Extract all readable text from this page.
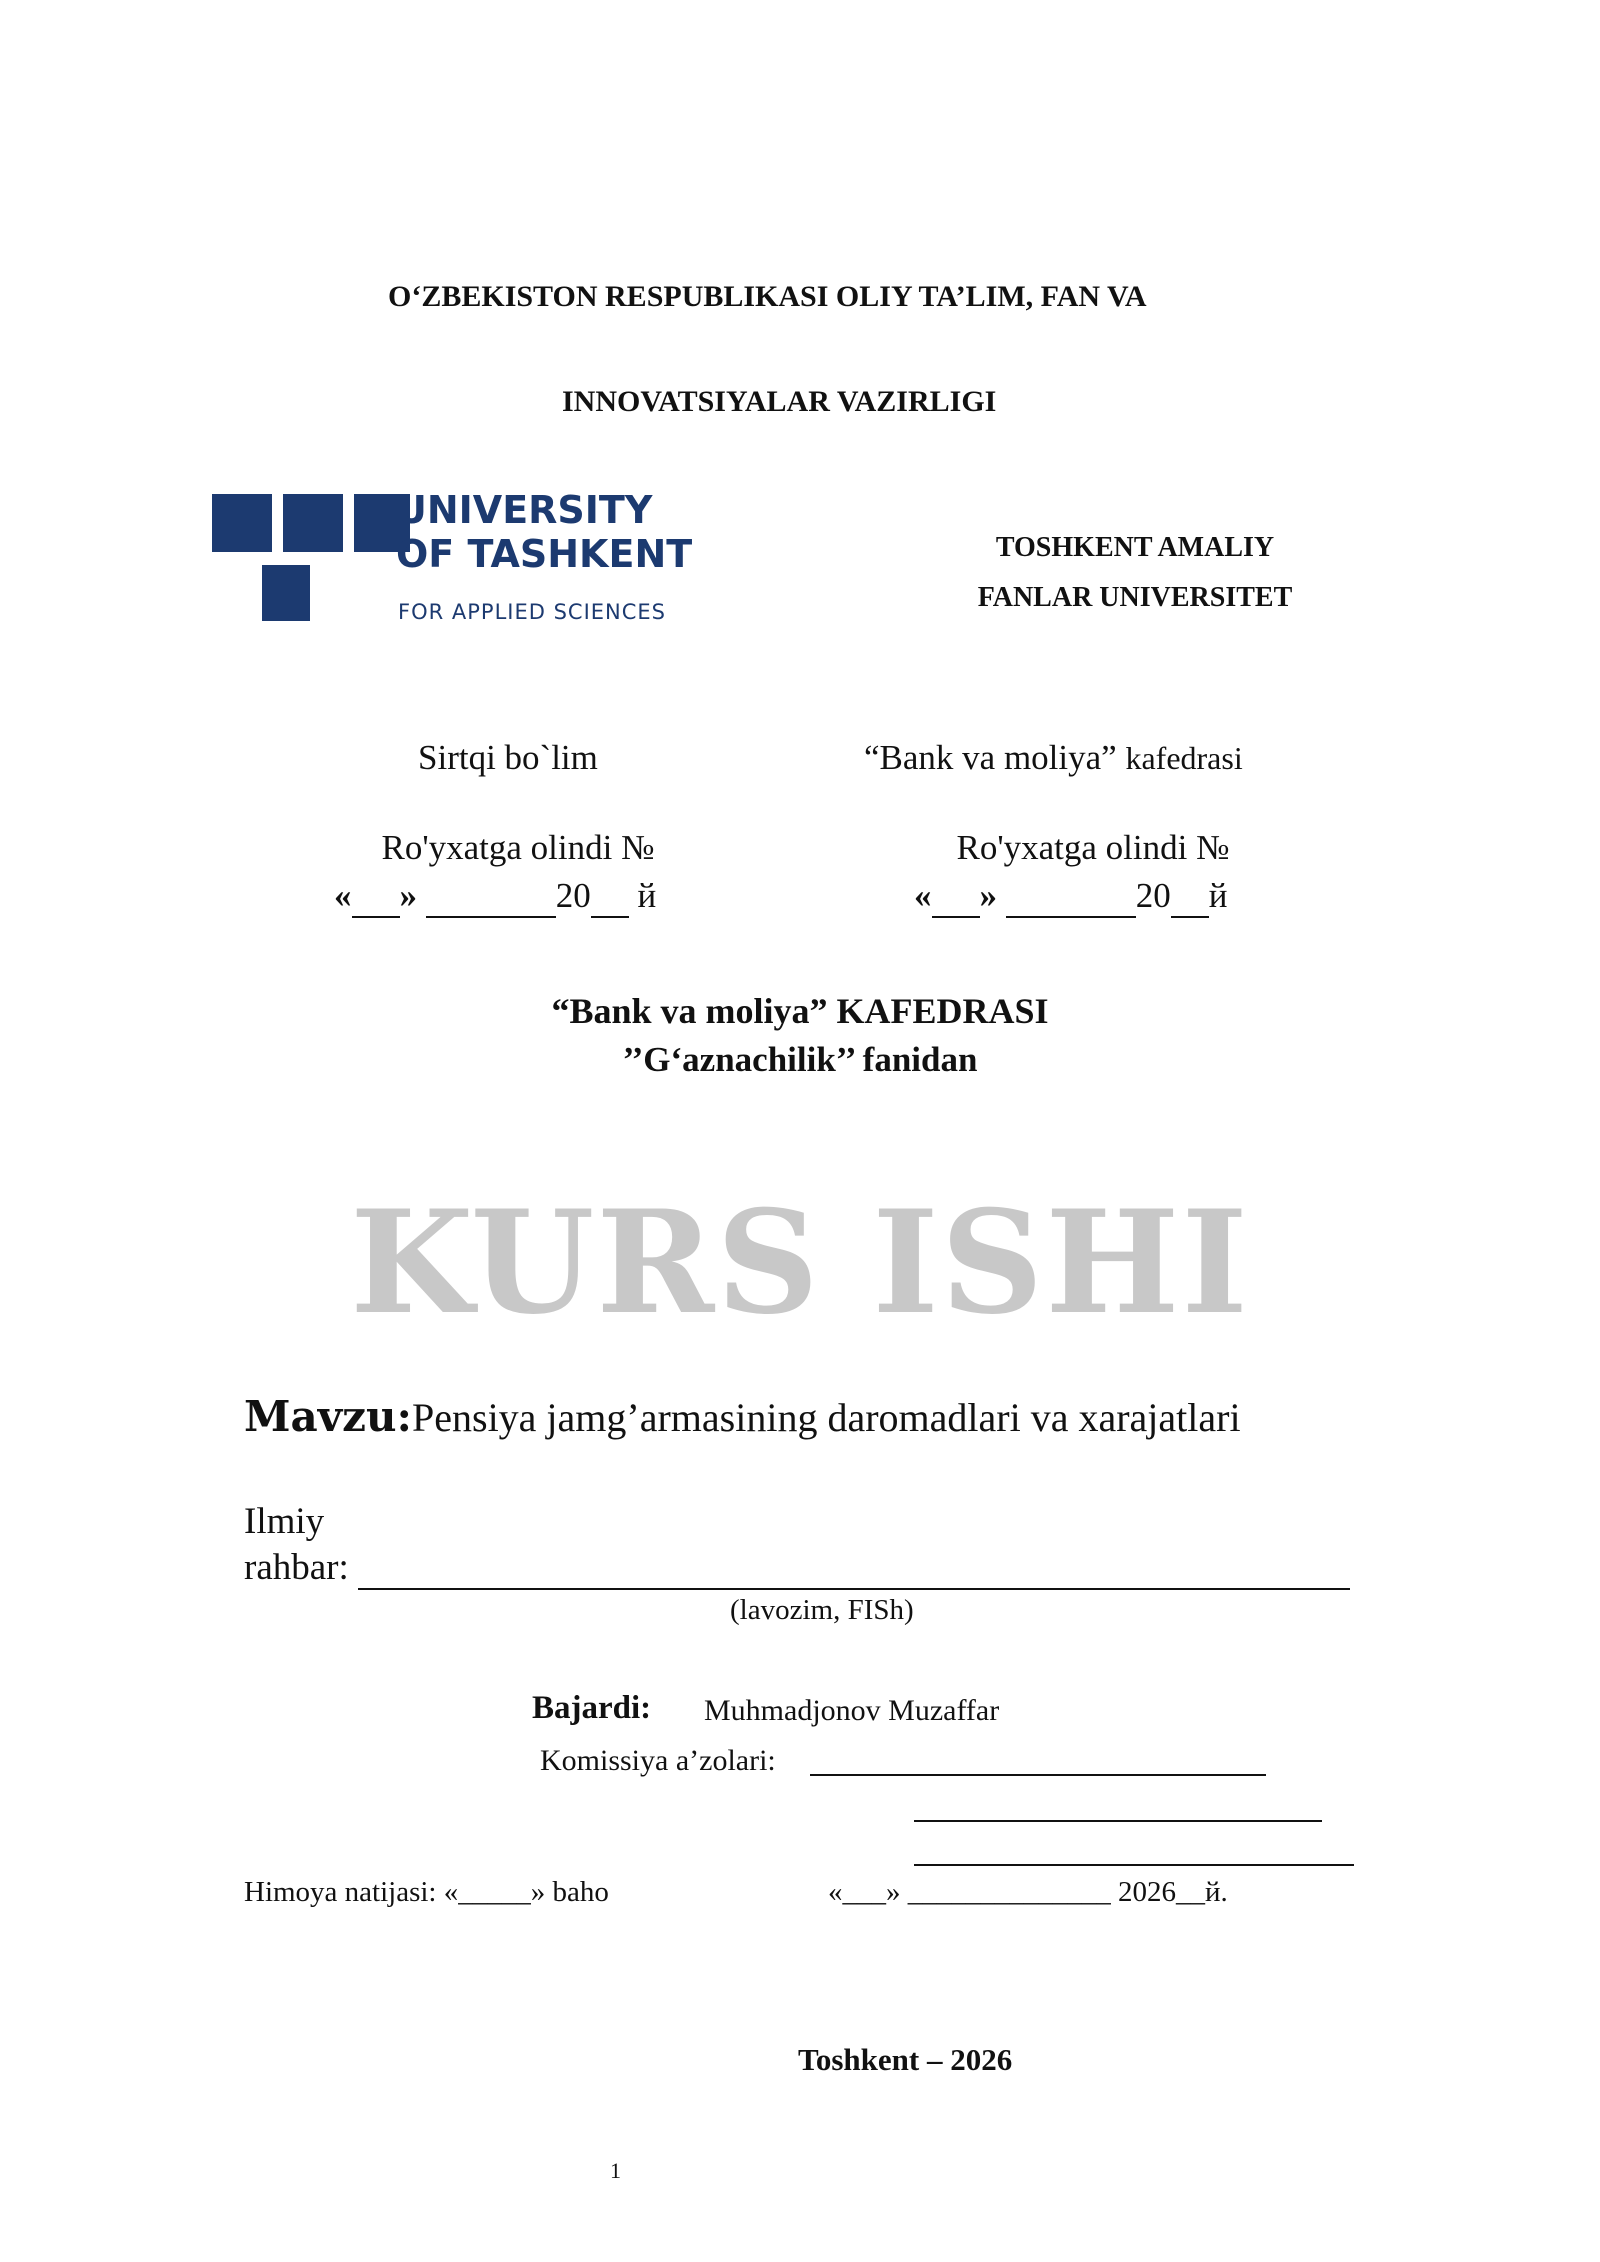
O‘ZBEKISTON RESPUBLIKASI OLIY TA’LIM, FAN VA
INNOVATSIYALAR VAZIRLIGI
UNIVERSITY
OF TASHKENT
FOR APPLIED SCIENCES
TOSHKENT AMALIY
FANLAR UNIVERSITET
Sirtqi bo`lim	“Bank va moliya” kafedrasi
Ro'yxatga olindi №
« »	20 й
Ro'yxatga olindi №
« »	20 й
“Bank va moliya” KAFEDRASI
’’G‘aznachilik’’ fanidan
KURS ISHI
Mavzu:Pensiya jamg’armasining daromadlari va xarajatlari
Ilmiy
rahbar:
(lavozim, FISh)
Bajardi: Muhmadjonov Muzaffar
Komissiya a’zolari:
Himoya natijasi: «_____» baho	«___» ______________ 2026__й.
Toshkent – 2026
1
